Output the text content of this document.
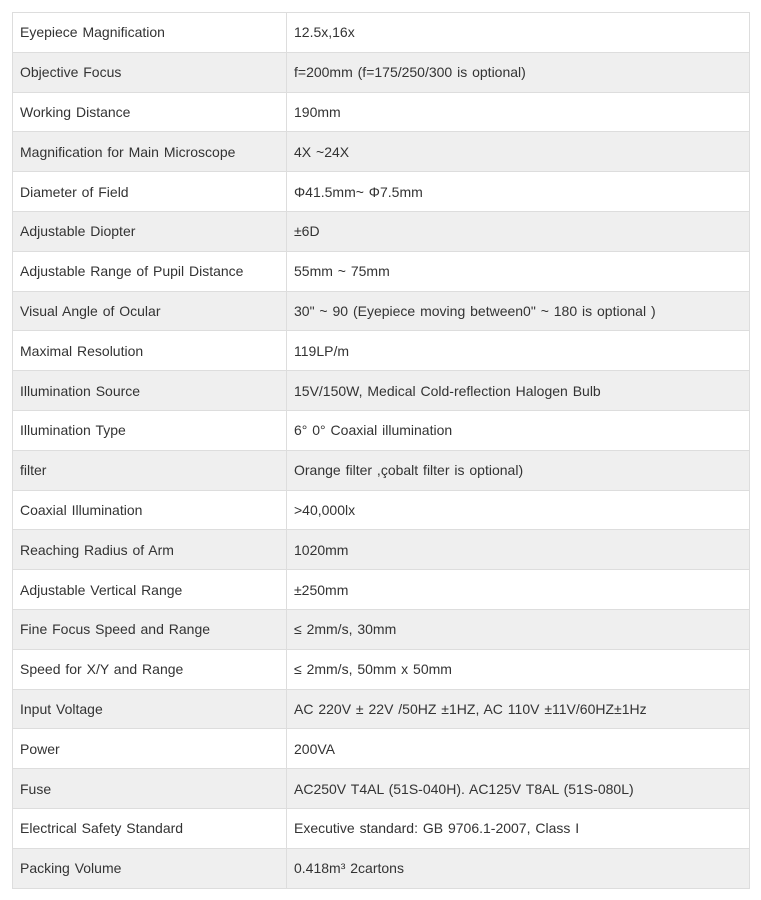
Eyepiece Magnification	12.5x,16x
Objective Focus	f=200mm (f=175/250/300 is optional)
Working Distance	190mm
Magnification for Main Microscope	4X ~24X
Diameter of Field	Φ41.5mm~ Φ7.5mm
Adjustable Diopter	±6D
Adjustable Range of Pupil Distance	55mm ~ 75mm
Visual Angle of Ocular	30" ~ 90 (Eyepiece moving between0" ~ 180 is optional )
Maximal Resolution	119LP/m
Illumination Source	15V/150W, Medical Cold-reflection Halogen Bulb
Illumination Type	6° 0° Coaxial illumination
filter	Orange filter ,çobalt filter is optional)
Coaxial Illumination	>40,000lx
Reaching Radius of Arm	1020mm
Adjustable Vertical Range	±250mm
Fine Focus Speed and Range	≤ 2mm/s, 30mm
Speed for X/Y and Range	≤ 2mm/s, 50mm x 50mm
Input Voltage	AC 220V ± 22V /50HZ ±1HZ, AC 110V ±11V/60HZ±1Hz
Power	200VA
Fuse	AC250V T4AL (51S-040H). AC125V T8AL (51S-080L)
Electrical Safety Standard	Executive standard: GB 9706.1-2007, Class I
Packing Volume	0.418m³ 2cartons
